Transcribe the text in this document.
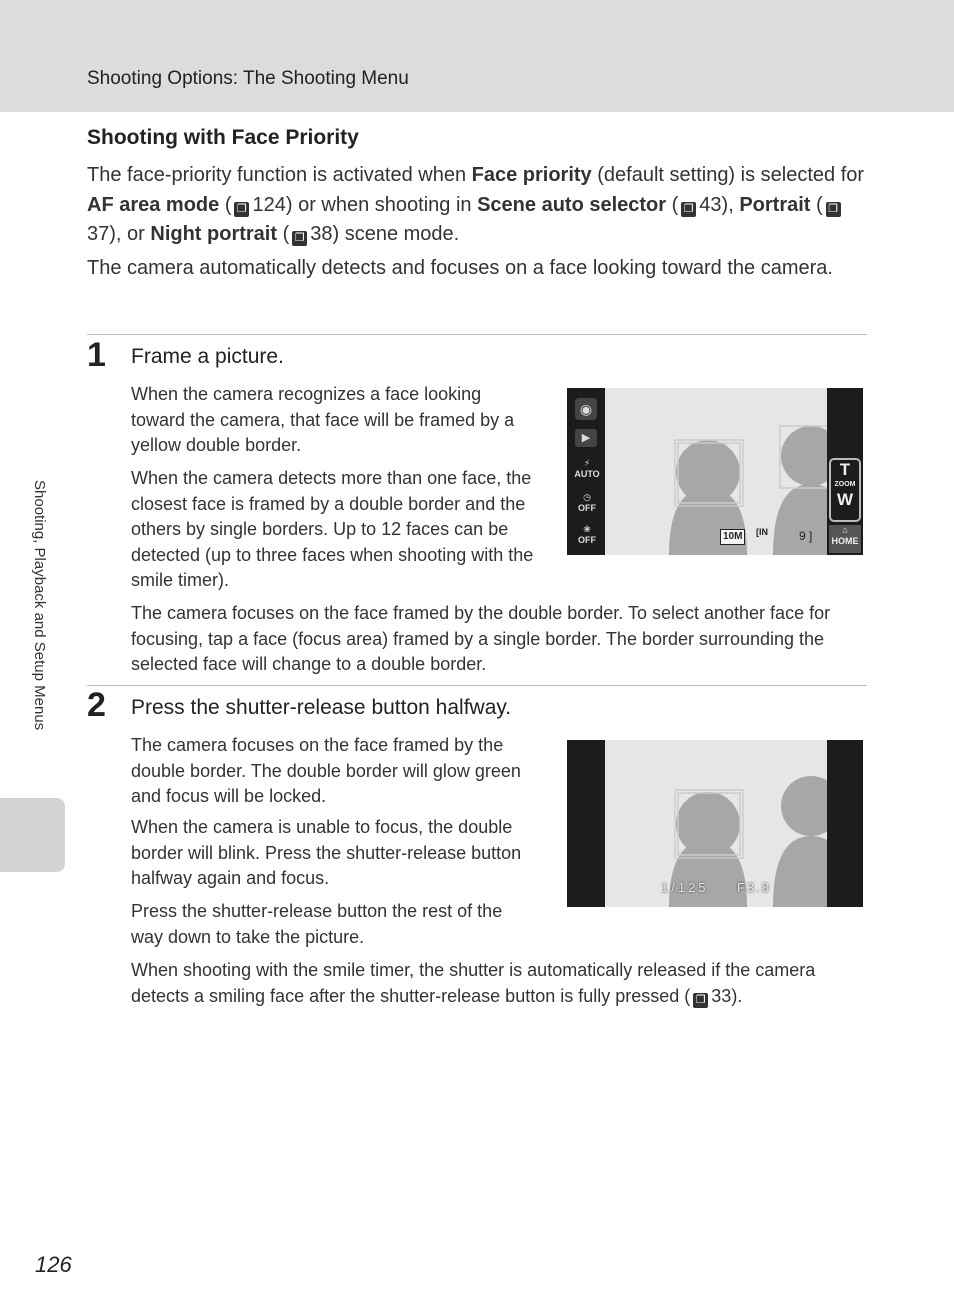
Shooting Options: The Shooting Menu
Shooting, Playback and Setup Menus
Shooting with Face Priority

The face-priority function is activated when Face priority (default setting) is selected for AF area mode ( ❐ 124) or when shooting in Scene auto selector ( ❐ 43), Portrait ( ❐37), or Night portrait ( ❐ 38) scene mode.

The camera automatically detects and focuses on a face looking toward the camera.

1 Frame a picture.

When the camera recognizes a face looking toward the camera, that face will be framed by a yellow double border.

When the camera detects more than one face, the closest face is framed by a double border and the others by single borders. Up to 12 faces can be detected (up to three faces when shooting with the smile timer).

The camera focuses on the face framed by the double border. To select another face for focusing, tap a face (focus area) framed by a single border. The border surrounding the selected face will change to a double border.

◉
▶
⚡
AUTO
◷
OFF
❀
OFF
T
ZOOM
W
⌂
HOME
10M	[IN	9 ]
2 Press the shutter-release button halfway.

The camera focuses on the face framed by the double border. The double border will glow green and focus will be locked.

When the camera is unable to focus, the double border will blink. Press the shutter-release button halfway again and focus.

Press the shutter-release button the rest of the way down to take the picture.

1/125 F3.8

When shooting with the smile timer, the shutter is automatically released if the camera detects a smiling face after the shutter-release button is fully pressed ( ❐ 33).

126
